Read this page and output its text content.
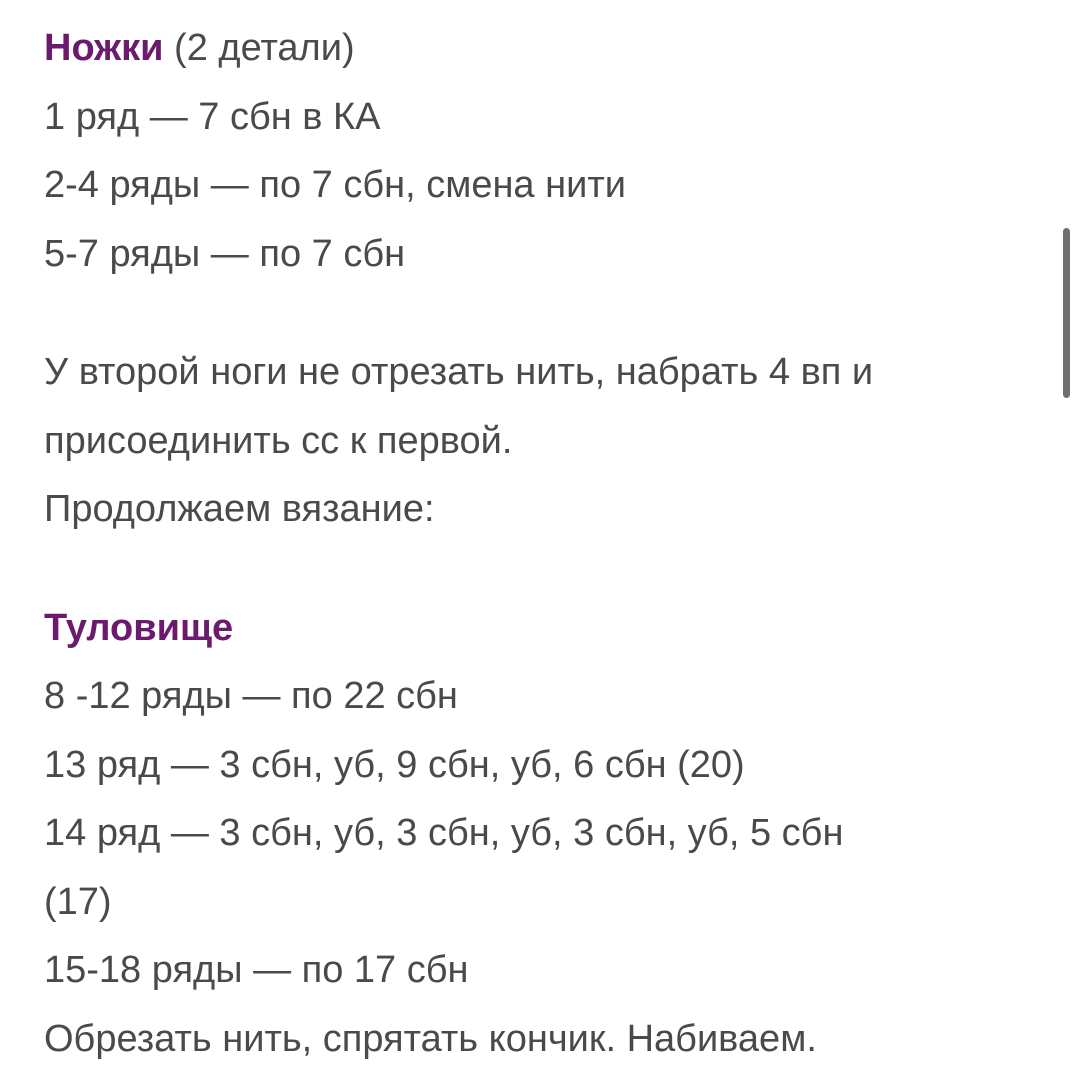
Ножки (2 детали)
1 ряд — 7 сбн в КА
2-4 ряды — по 7 сбн, смена нити
5-7 ряды — по 7 сбн
У второй ноги не отрезать нить, набрать 4 вп и
присоединить сс к первой.
Продолжаем вязание:
Туловище
8 -12 ряды — по 22 сбн
13 ряд — 3 сбн, уб, 9 сбн, уб, 6 сбн (20)
14 ряд — 3 сбн, уб, 3 сбн, уб, 3 сбн, уб, 5 сбн
(17)
15-18 ряды — по 17 сбн
Обрезать нить, спрятать кончик. Набиваем.
